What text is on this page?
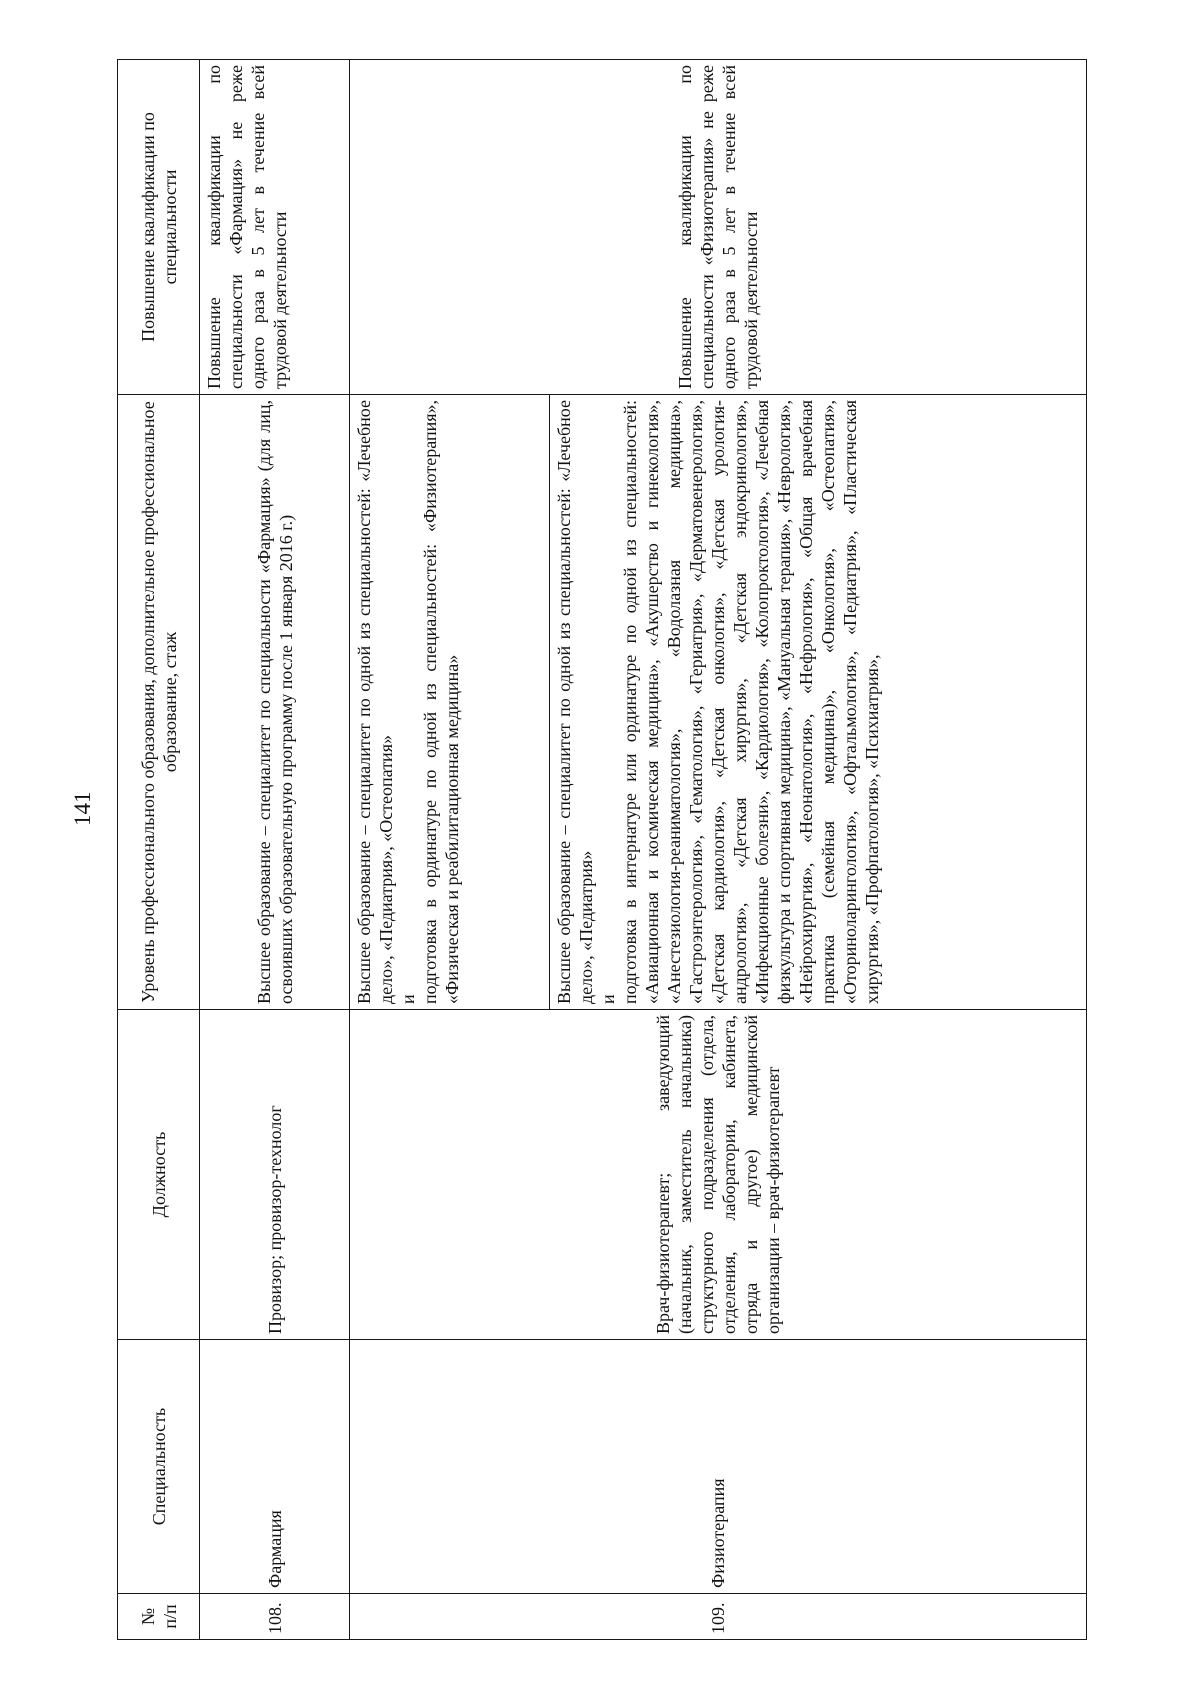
141
№ п/п	Специальность	Должность	Уровень профессионального образования, дополнительное профессиональное образование, стаж	Повышение квалификации по специальности
108.	Фармация	Провизор; провизор-технолог	Высшее образование – специалитет по специальности «Фармация» (для лиц, освоивших образовательную программу после 1 января 2016 г.)	Повышение квалификации по специальности «Фармация» не реже одного раза в 5 лет в течение всей трудовой деятельности
109.	Физиотерапия	Врач-физиотерапевт; заведующий (начальник, заместитель начальника) структурного подразделения (отдела, отделения, лаборатории, кабинета, отряда и другое) медицинской организации – врач-физиотерапевт	Высшее образование – специалитет по одной из специальностей: «Лечебное дело», «Педиатрия», «Остеопатия» и подготовка в ординатуре по одной из специальностей: «Физиотерапия», «Физическая и реабилитационная медицина»	Повышение квалификации по специальности «Физиотерапия» не реже одного раза в 5 лет в течение всей трудовой деятельности

			Высшее образование – специалитет по одной из специальностей: «Лечебное дело», «Педиатрия» и подготовка в интернатуре или ординатуре по одной из специальностей: «Авиационная и космическая медицина», «Акушерство и гинекология», «Анестезиология-реаниматология», «Водолазная медицина», «Гастроэнтерология», «Гематология», «Гериатрия», «Дерматовенерология», «Детская кардиология», «Детская онкология», «Детская урология-андрология», «Детская хирургия», «Детская эндокринология», «Инфекционные болезни», «Кардиология», «Колопроктология», «Лечебная физкультура и спортивная медицина», «Мануальная терапия», «Неврология», «Нейрохирургия», «Неонатология», «Нефрология», «Общая врачебная практика (семейная медицина)», «Онкология», «Остеопатия», «Оториноларингология», «Офтальмология», «Педиатрия», «Пластическая хирургия», «Профпатология», «Психиатрия»,	
